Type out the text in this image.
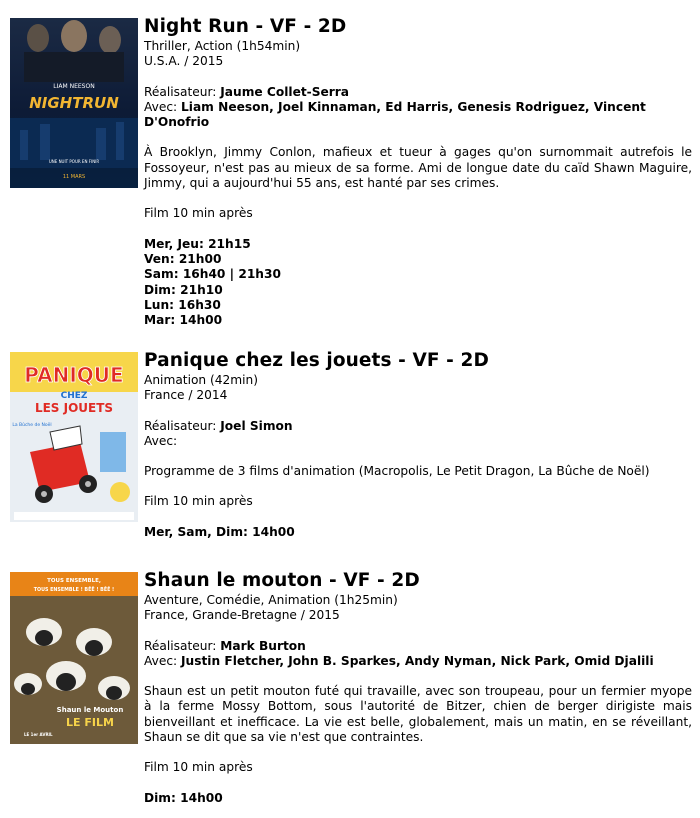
LIAM NEESON
NIGHTRUN
UNE NUIT POUR EN FINIR
11 MARS
Night Run - VF - 2D

Thriller, Action (1h54min)

U.S.A. / 2015

Réalisateur: Jaume Collet-Serra

Avec: Liam Neeson, Joel Kinnaman, Ed Harris, Genesis Rodriguez, Vincent D'Onofrio

À Brooklyn, Jimmy Conlon, mafieux et tueur à gages qu'on surnommait autrefois le Fossoyeur, n'est pas au mieux de sa forme. Ami de longue date du caïd Shawn Maguire, Jimmy, qui a aujourd'hui 55 ans, est hanté par ses crimes.

Film 10 min après

Mer, Jeu: 21h15

Ven: 21h00

Sam: 16h40 | 21h30

Dim: 21h10

Lun: 16h30

Mar: 14h00

PANIQUE
CHEZ
LES JOUETS
La Bûche de Noël
Panique chez les jouets - VF - 2D

Animation (42min)

France / 2014

Réalisateur: Joel Simon

Avec:

Programme de 3 films d'animation (Macropolis, Le Petit Dragon, La Bûche de Noël)

Film 10 min après

Mer, Sam, Dim: 14h00

TOUS ENSEMBLE,
TOUS ENSEMBLE ! BÊÊ ! BÊÊ !
Shaun le Mouton
LE FILM
LE 1er AVRIL
Shaun le mouton - VF - 2D

Aventure, Comédie, Animation (1h25min)

France, Grande-Bretagne / 2015

Réalisateur: Mark Burton

Avec: Justin Fletcher, John B. Sparkes, Andy Nyman, Nick Park, Omid Djalili

Shaun est un petit mouton futé qui travaille, avec son troupeau, pour un fermier myope à la ferme Mossy Bottom, sous l'autorité de Bitzer, chien de berger dirigiste mais bienveillant et inefficace. La vie est belle, globalement, mais un matin, en se réveillant, Shaun se dit que sa vie n'est que contraintes.

Film 10 min après

Dim: 14h00
